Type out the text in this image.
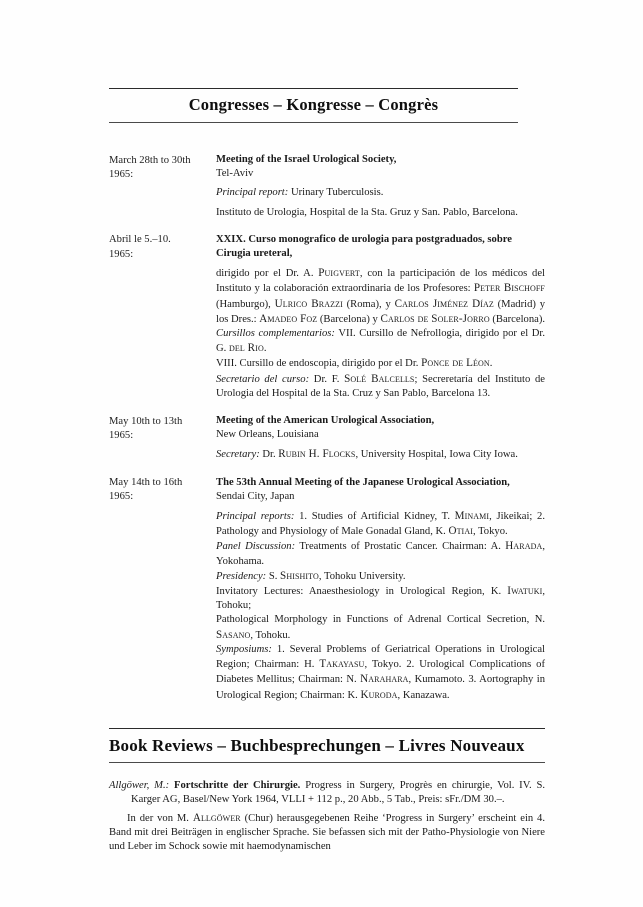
Congresses – Kongresse – Congrès
March 28th to 30th
1965:
Meeting of the Israel Urological Society,
Tel-Aviv
Principal report: Urinary Tuberculosis.
Instituto de Urologia, Hospital de la Sta. Gruz y San. Pablo, Barcelona.
Abril le 5.–10.
1965:
XXIX. Curso monografico de urologia para postgraduados, sobre Cirugia ureteral,
dirigido por el Dr. A. Puigvert, con la participación de los médicos del Instituto y la colaboración extraordinaria de los Profesores: Peter Bischoff (Hamburgo), Ulrico Brazzi (Roma), y Carlos Jiménez Díaz (Madrid) y los Dres.: Amadeo Foz (Barcelona) y Carlos de Soler-Jorro (Barcelona).
Cursillos complementarios: VII. Cursillo de Nefrollogia, dirigido por el Dr. G. del Rio.
VIII. Cursillo de endoscopia, dirigido por el Dr. Ponce de Léon.
Secretario del curso: Dr. F. Solé Balcells; Secreretaría del Instituto de Urologia del Hospital de la Sta. Cruz y San Pablo, Barcelona 13.
May 10th to 13th
1965:
Meeting of the American Urological Association,
New Orleans, Louisiana
Secretary: Dr. Rubin H. Flocks, University Hospital, Iowa City Iowa.
May 14th to 16th
1965:
The 53th Annual Meeting of the Japanese Urological Association,
Sendai City, Japan
Principal reports: 1. Studies of Artificial Kidney, T. Minami, Jikeikai; 2. Pathology and Physiology of Male Gonadal Gland, K. Otiai, Tokyo.
Panel Discussion: Treatments of Prostatic Cancer. Chairman: A. Harada, Yokohama.
Presidency: S. Shishito, Tohoku University.
Invitatory Lectures: Anaesthesiology in Urological Region, K. Iwatuki, Tohoku;
Pathological Morphology in Functions of Adrenal Cortical Secretion, N. Sasano, Tohoku.
Symposiums: 1. Several Problems of Geriatrical Operations in Urological Region; Chairman: H. Takayasu, Tokyo. 2. Urological Complications of Diabetes Mellitus; Chairman: N. Narahara, Kumamoto. 3. Aortography in Urological Region; Chairman: K. Kuroda, Kanazawa.
Book Reviews – Buchbesprechungen – Livres Nouveaux
Allgöwer, M.: Fortschritte der Chirurgie. Progress in Surgery, Progrès en chirurgie, Vol. IV. S. Karger AG, Basel/New York 1964, VLLI + 112 p., 20 Abb., 5 Tab., Preis: sFr./DM 30.–.
In der von M. Allgöwer (Chur) herausgegebenen Reihe ‘Progress in Surgery’ erscheint ein 4. Band mit drei Beiträgen in englischer Sprache. Sie befassen sich mit der Patho-Physiologie von Niere und Leber im Schock sowie mit haemodynamischen
